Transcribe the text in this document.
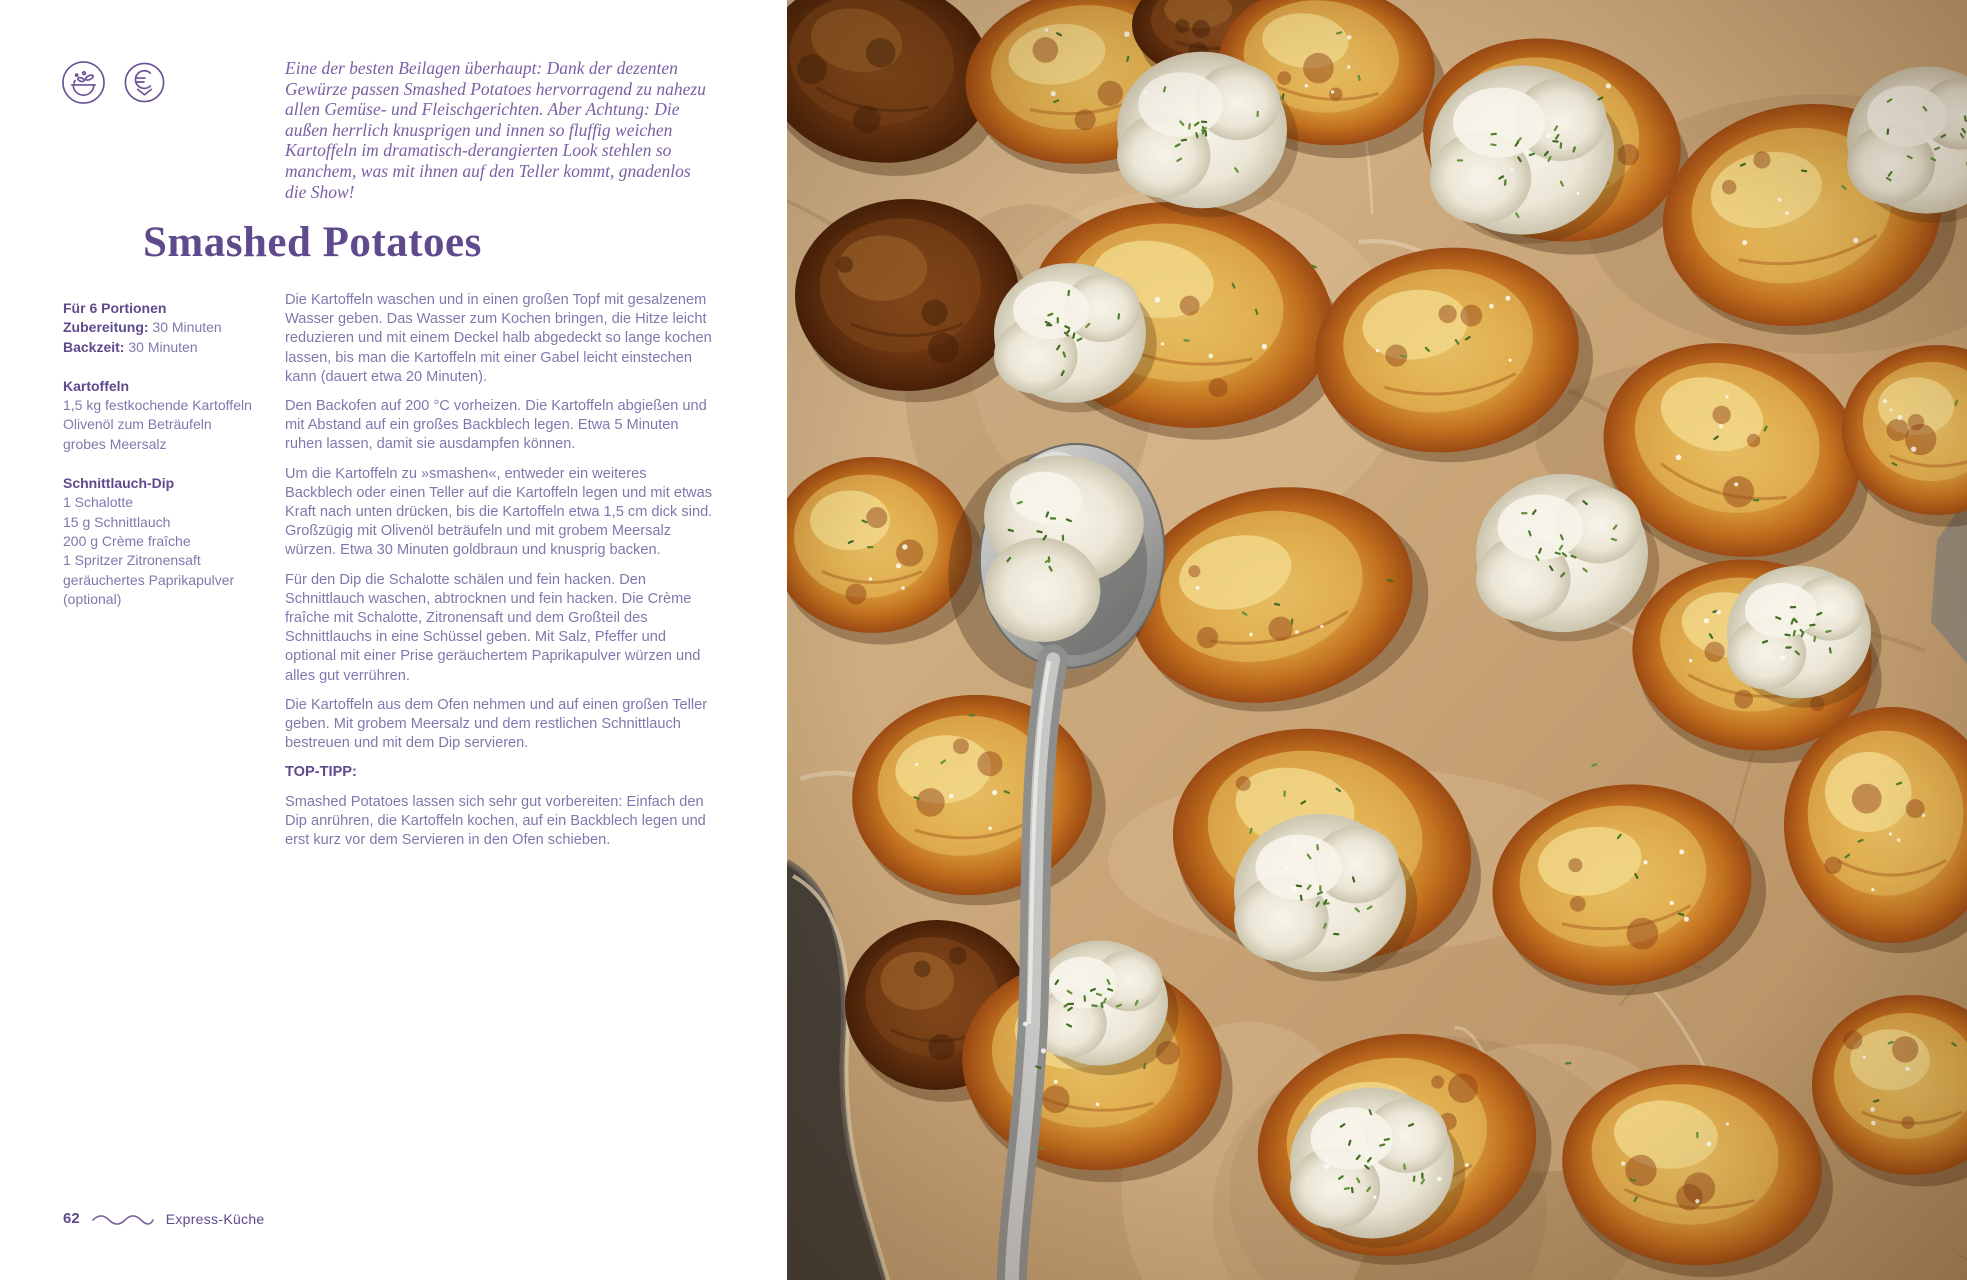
Eine der besten Beilagen überhaupt: Dank der dezenten Gewürze passen Smashed Potatoes hervorragend zu nahezu allen Gemüse- und Fleischgerichten. Aber Achtung: Die außen herrlich knusprigen und innen so fluffig weichen Kartoffeln im dramatisch-derangierten Look stehlen so manchem, was mit ihnen auf den Teller kommt, gnadenlos die Show!
Smashed Potatoes
Für 6 Portionen
Zubereitung: 30 Minuten
Backzeit: 30 Minuten
Kartoffeln
1,5 kg festkochende Kartoffeln
Olivenöl zum Beträufeln
grobes Meersalz
Schnittlauch-Dip
1 Schalotte
15 g Schnittlauch
200 g Crème fraîche
1 Spritzer Zitronensaft
geräuchertes Paprikapulver (optional)

Die Kartoffeln waschen und in einen großen Topf mit gesalzenem Wasser geben. Das Wasser zum Kochen bringen, die Hitze leicht reduzieren und mit einem Deckel halb abgedeckt so lange kochen lassen, bis man die Kartoffeln mit einer Gabel leicht einstechen kann (dauert etwa 20 Minuten).

Den Backofen auf 200 °C vorheizen. Die Kartoffeln abgießen und mit Abstand auf ein großes Backblech legen. Etwa 5 Minuten ruhen lassen, damit sie ausdampfen können.

Um die Kartoffeln zu »smashen«, entweder ein weiteres Backblech oder einen Teller auf die Kartoffeln legen und mit etwas Kraft nach unten drücken, bis die Kartoffeln etwa 1,5 cm dick sind. Großzügig mit Olivenöl beträufeln und mit grobem Meersalz würzen. Etwa 30 Minuten goldbraun und knusprig backen.

Für den Dip die Schalotte schälen und fein hacken. Den Schnittlauch waschen, abtrocknen und fein hacken. Die Crème fraîche mit Schalotte, Zitronensaft und dem Großteil des Schnittlauchs in eine Schüssel geben. Mit Salz, Pfeffer und optional mit einer Prise geräuchertem Paprikapulver würzen und alles gut verrühren.

Die Kartoffeln aus dem Ofen nehmen und auf einen großen Teller geben. Mit grobem Meersalz und dem restlichen Schnittlauch bestreuen und mit dem Dip servieren.

TOP-TIPP:

Smashed Potatoes lassen sich sehr gut vorbereiten: Einfach den Dip anrühren, die Kartoffeln kochen, auf ein Backblech legen und erst kurz vor dem Servieren in den Ofen schieben.

62	Express-Küche
